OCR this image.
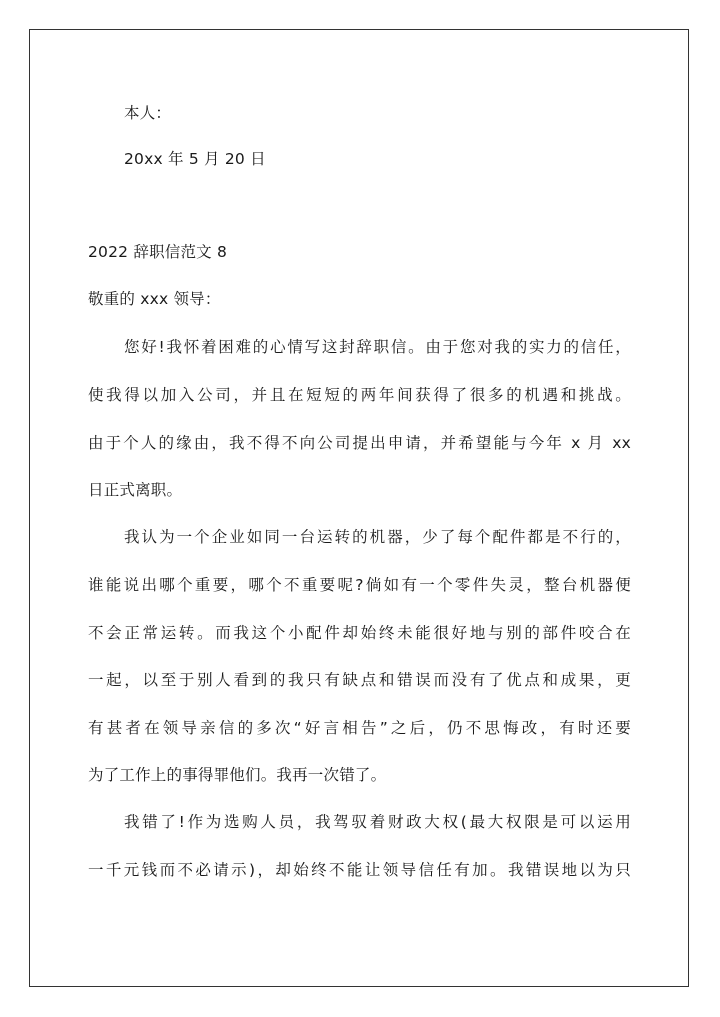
本人：
20xx 年 5 月 20 日
2022 辞职信范文 8
敬重的 xxx 领导：
您好!我怀着困难的心情写这封辞职信。由于您对我的实力的信任，
使我得以加入公司，并且在短短的两年间获得了很多的机遇和挑战。
由于个人的缘由，我不得不向公司提出申请，并希望能与今年 x 月 xx
日正式离职。
我认为一个企业如同一台运转的机器，少了每个配件都是不行的，
谁能说出哪个重要，哪个不重要呢?倘如有一个零件失灵，整台机器便
不会正常运转。而我这个小配件却始终未能很好地与别的部件咬合在
一起，以至于别人看到的我只有缺点和错误而没有了优点和成果，更
有甚者在领导亲信的多次“好言相告”之后，仍不思悔改，有时还要
为了工作上的事得罪他们。我再一次错了。
我错了!作为选购人员，我驾驭着财政大权(最大权限是可以运用
一千元钱而不必请示)，却始终不能让领导信任有加。我错误地以为只
